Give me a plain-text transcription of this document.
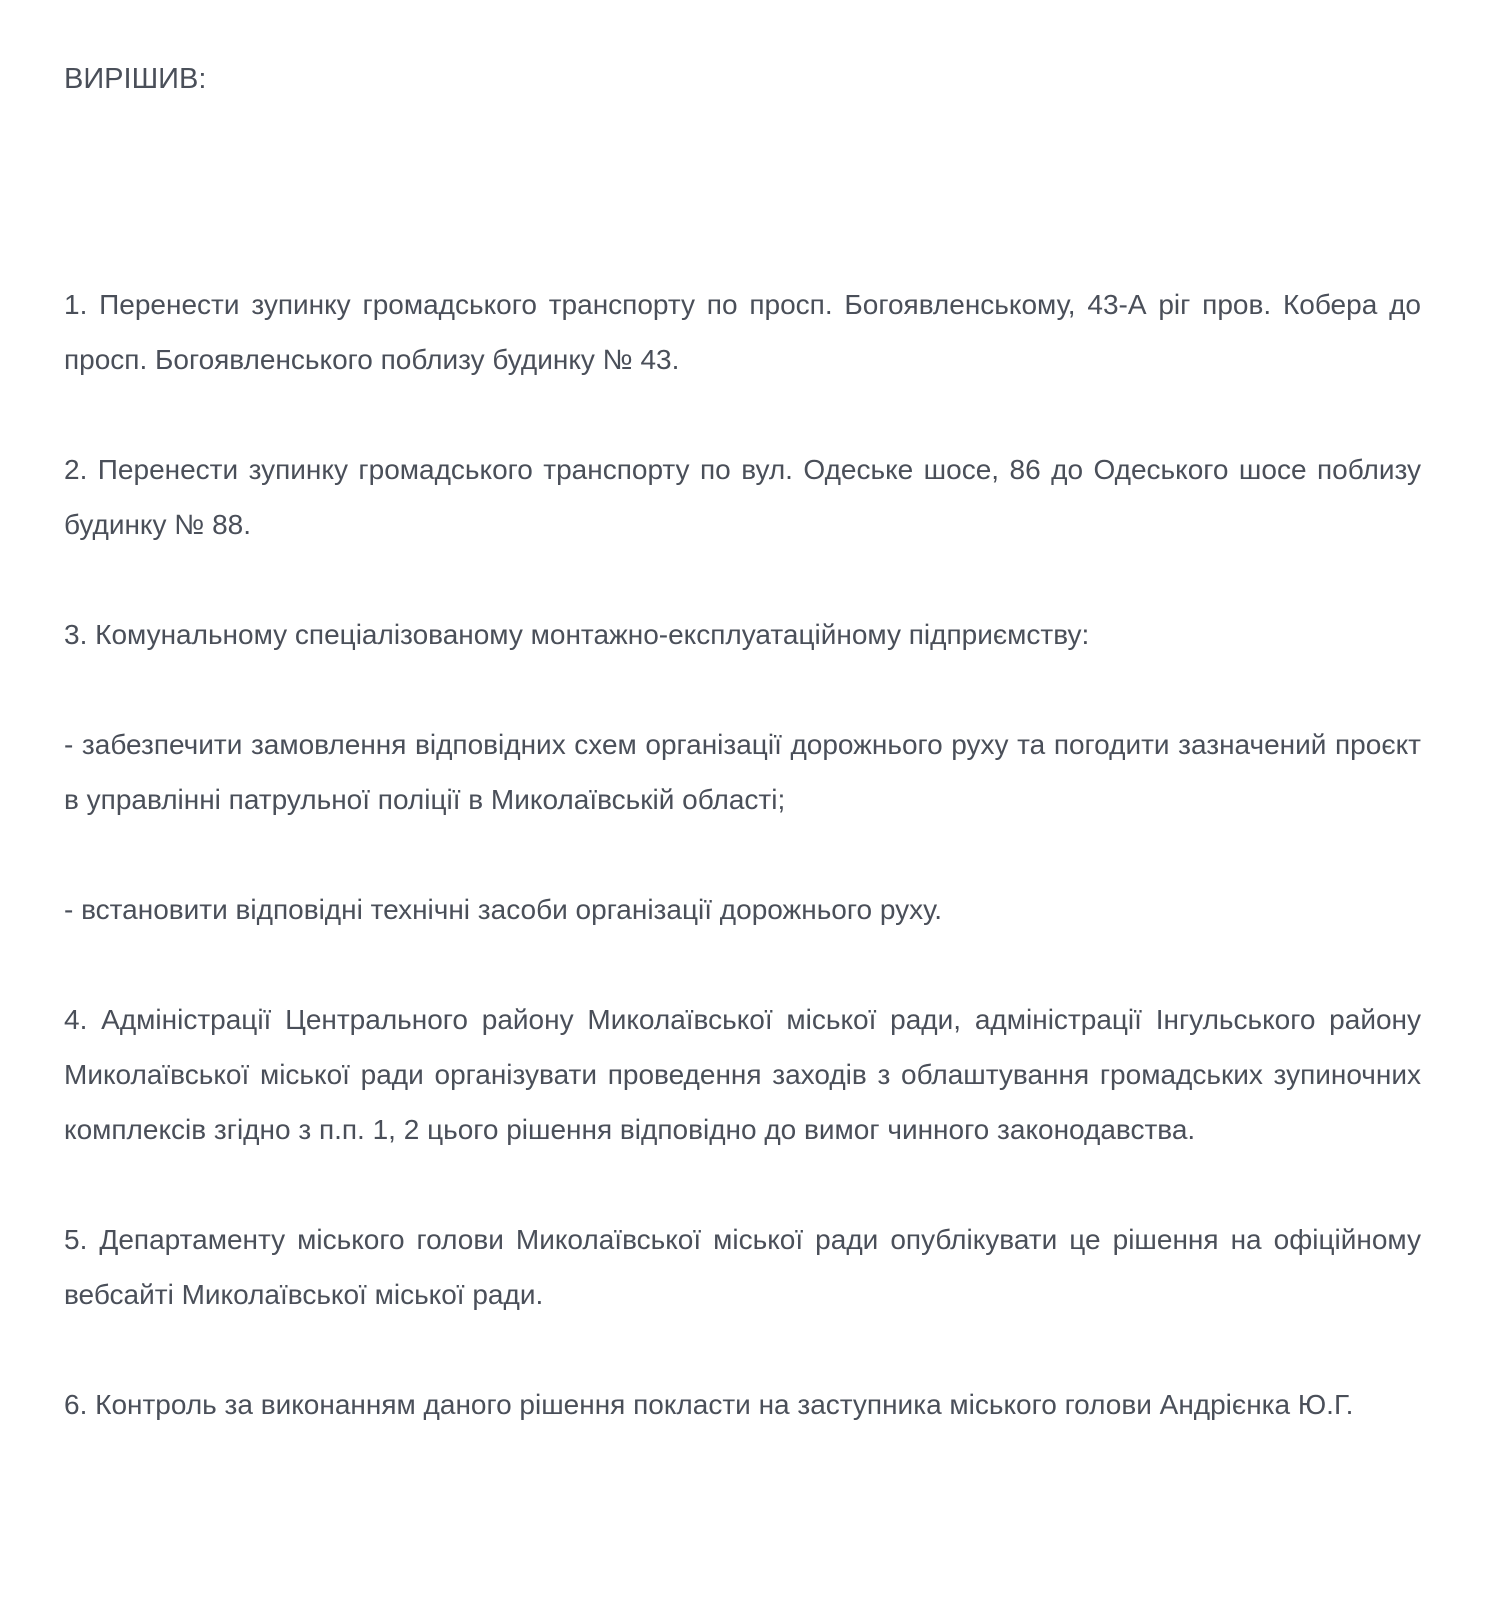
ВИРІШИВ:

1. Перенести зупинку громадського транспорту по просп. Богоявленському, 43-А ріг пров. Кобера до просп. Богоявленського поблизу будинку № 43.

2. Перенести зупинку громадського транспорту по вул. Одеське шосе, 86 до Одеського шосе поблизу будинку № 88.

3. Комунальному спеціалізованому монтажно-експлуатаційному підприємству:

- забезпечити замовлення відповідних схем організації дорожнього руху та погодити зазначений проєкт в управлінні патрульної поліції в Миколаївській області;

- встановити відповідні технічні засоби організації дорожнього руху.

4. Адміністрації Центрального району Миколаївської міської ради, адміністрації Інгульського району Миколаївської міської ради організувати проведення заходів з облаштування громадських зупиночних комплексів згідно з п.п. 1, 2 цього рішення відповідно до вимог чинного законодавства.

5. Департаменту міського голови Миколаївської міської ради опублікувати це рішення на офіційному вебсайті Миколаївської міської ради.

6. Контроль за виконанням даного рішення покласти на заступника міського голови Андрієнка Ю.Г.
